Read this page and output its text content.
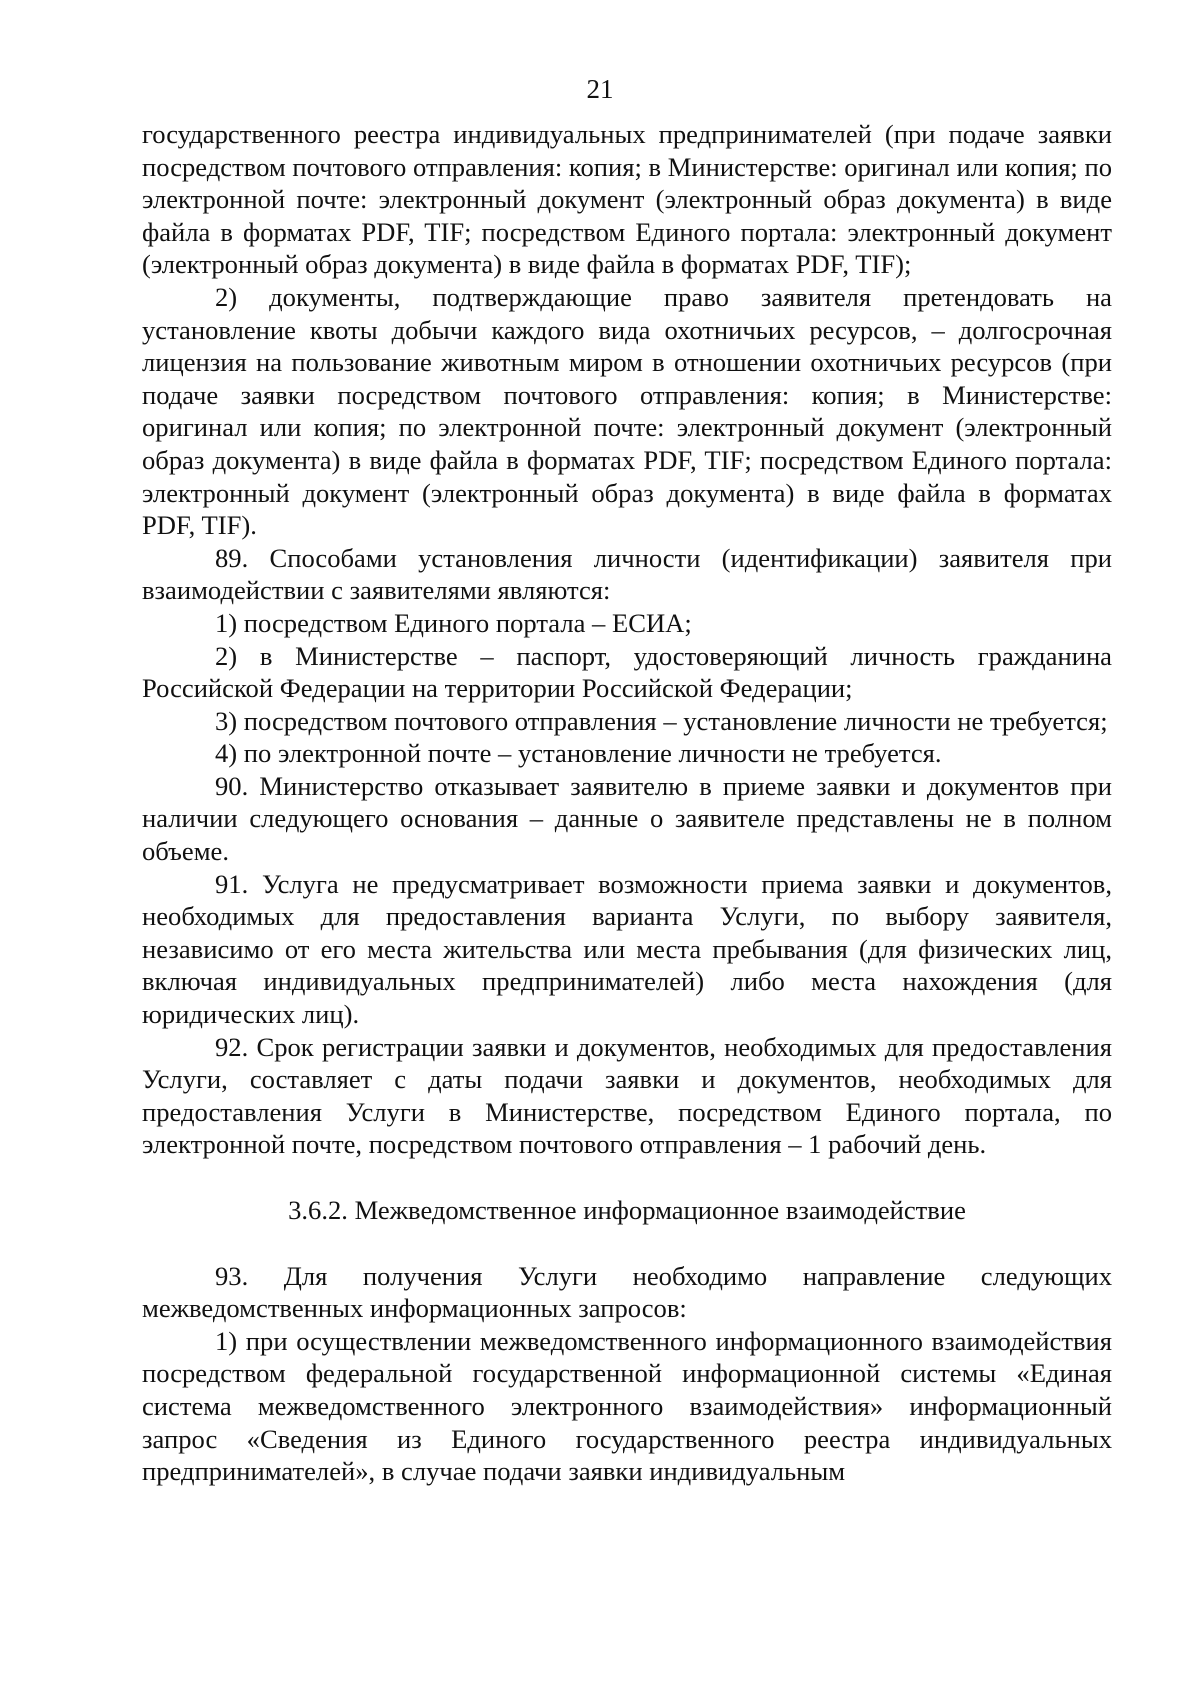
21

государственного реестра индивидуальных предпринимателей (при подаче заявки посредством почтового отправления: копия; в Министерстве: оригинал или копия; по электронной почте: электронный документ (электронный образ документа) в виде файла в форматах PDF, TIF; посредством Единого портала: электронный документ (электронный образ документа) в виде файла в форматах PDF, TIF);

2) документы, подтверждающие право заявителя претендовать на установление квоты добычи каждого вида охотничьих ресурсов, – долгосрочная лицензия на пользование животным миром в отношении охотничьих ресурсов (при подаче заявки посредством почтового отправления: копия; в Министерстве: оригинал или копия; по электронной почте: электронный документ (электронный образ документа) в виде файла в форматах PDF, TIF; посредством Единого портала: электронный документ (электронный образ документа) в виде файла в форматах PDF, TIF).

89. Способами установления личности (идентификации) заявителя при взаимодействии с заявителями являются:

1) посредством Единого портала – ЕСИА;

2) в Министерстве – паспорт, удостоверяющий личность гражданина Российской Федерации на территории Российской Федерации;

3) посредством почтового отправления – установление личности не требуется;

4) по электронной почте – установление личности не требуется.

90. Министерство отказывает заявителю в приеме заявки и документов при наличии следующего основания – данные о заявителе представлены не в полном объеме.

91. Услуга не предусматривает возможности приема заявки и документов, необходимых для предоставления варианта Услуги, по выбору заявителя, независимо от его места жительства или места пребывания (для физических лиц, включая индивидуальных предпринимателей) либо места нахождения (для юридических лиц).

92. Срок регистрации заявки и документов, необходимых для предоставления Услуги, составляет с даты подачи заявки и документов, необходимых для предоставления Услуги в Министерстве, посредством Единого портала, по электронной почте, посредством почтового отправления – 1 рабочий день.

3.6.2. Межведомственное информационное взаимодействие

93. Для получения Услуги необходимо направление следующих межведомственных информационных запросов:

1) при осуществлении межведомственного информационного взаимодействия посредством федеральной государственной информационной системы «Единая система межведомственного электронного взаимодействия» информационный запрос «Сведения из Единого государственного реестра индивидуальных предпринимателей», в случае подачи заявки индивидуальным
